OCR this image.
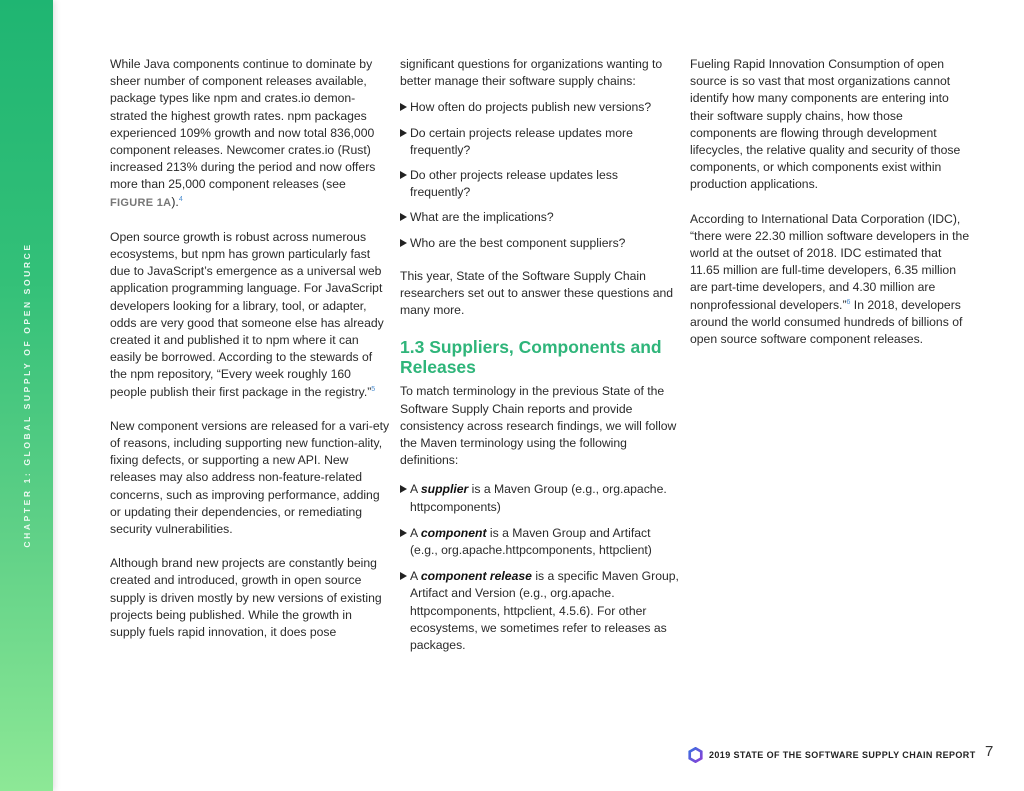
CHAPTER 1: GLOBAL SUPPLY OF OPEN SOURCE

While Java components continue to dominate by sheer number of component releases available, package types like npm and crates.io demon-strated the highest growth rates. npm packages experienced 109% growth and now total 836,000 component releases. Newcomer crates.io (Rust) increased 213% during the period and now offers more than 25,000 component releases (see FIGURE 1A).$^4$

Open source growth is robust across numerous ecosystems, but npm has grown particularly fast due to JavaScript’s emergence as a universal web application programming language. For JavaScript developers looking for a library, tool, or adapter, odds are very good that someone else has already created it and published it to npm where it can easily be borrowed. According to the stewards of the npm repository, “Every week roughly 160 people publish their first package in the registry.”$^5$

New component versions are released for a vari-ety of reasons, including supporting new function-ality, fixing defects, or supporting a new API. New releases may also address non-feature-related concerns, such as improving performance, adding or updating their dependencies, or remediating security vulnerabilities.

Although brand new projects are constantly being created and introduced, growth in open source supply is driven mostly by new versions of existing projects being published. While the growth in supply fuels rapid innovation, it does pose

significant questions for organizations wanting to better manage their software supply chains:

How often do projects publish new versions?
Do certain projects release updates more frequently?
Do other projects release updates less frequently?
What are the implications?
Who are the best component suppliers?

This year, State of the Software Supply Chain researchers set out to answer these questions and many more.

1.3 Suppliers, Components and Releases

To match terminology in the previous State of the Software Supply Chain reports and provide consistency across research findings, we will follow the Maven terminology using the following definitions:

A supplier is a Maven Group (e.g., org.apache. httpcomponents)
A component is a Maven Group and Artifact (e.g., org.apache.httpcomponents, httpclient)
A component release is a specific Maven Group, Artifact and Version (e.g., org.apache. httpcomponents, httpclient, 4.5.6). For other ecosystems, we sometimes refer to releases as packages.

Fueling Rapid Innovation Consumption of open source is so vast that most organizations cannot identify how many components are entering into their software supply chains, how those components are flowing through development lifecycles, the relative quality and security of those components, or which components exist within production applications.

According to International Data Corporation (IDC), “there were 22.30 million software developers in the world at the outset of 2018. IDC estimated that 11.65 million are full-time developers, 6.35 million are part-time developers, and 4.30 million are nonprofessional developers.”$^6$ In 2018, developers around the world consumed hundreds of billions of open source software component releases.

2019 STATE OF THE SOFTWARE SUPPLY CHAIN REPORT 7
